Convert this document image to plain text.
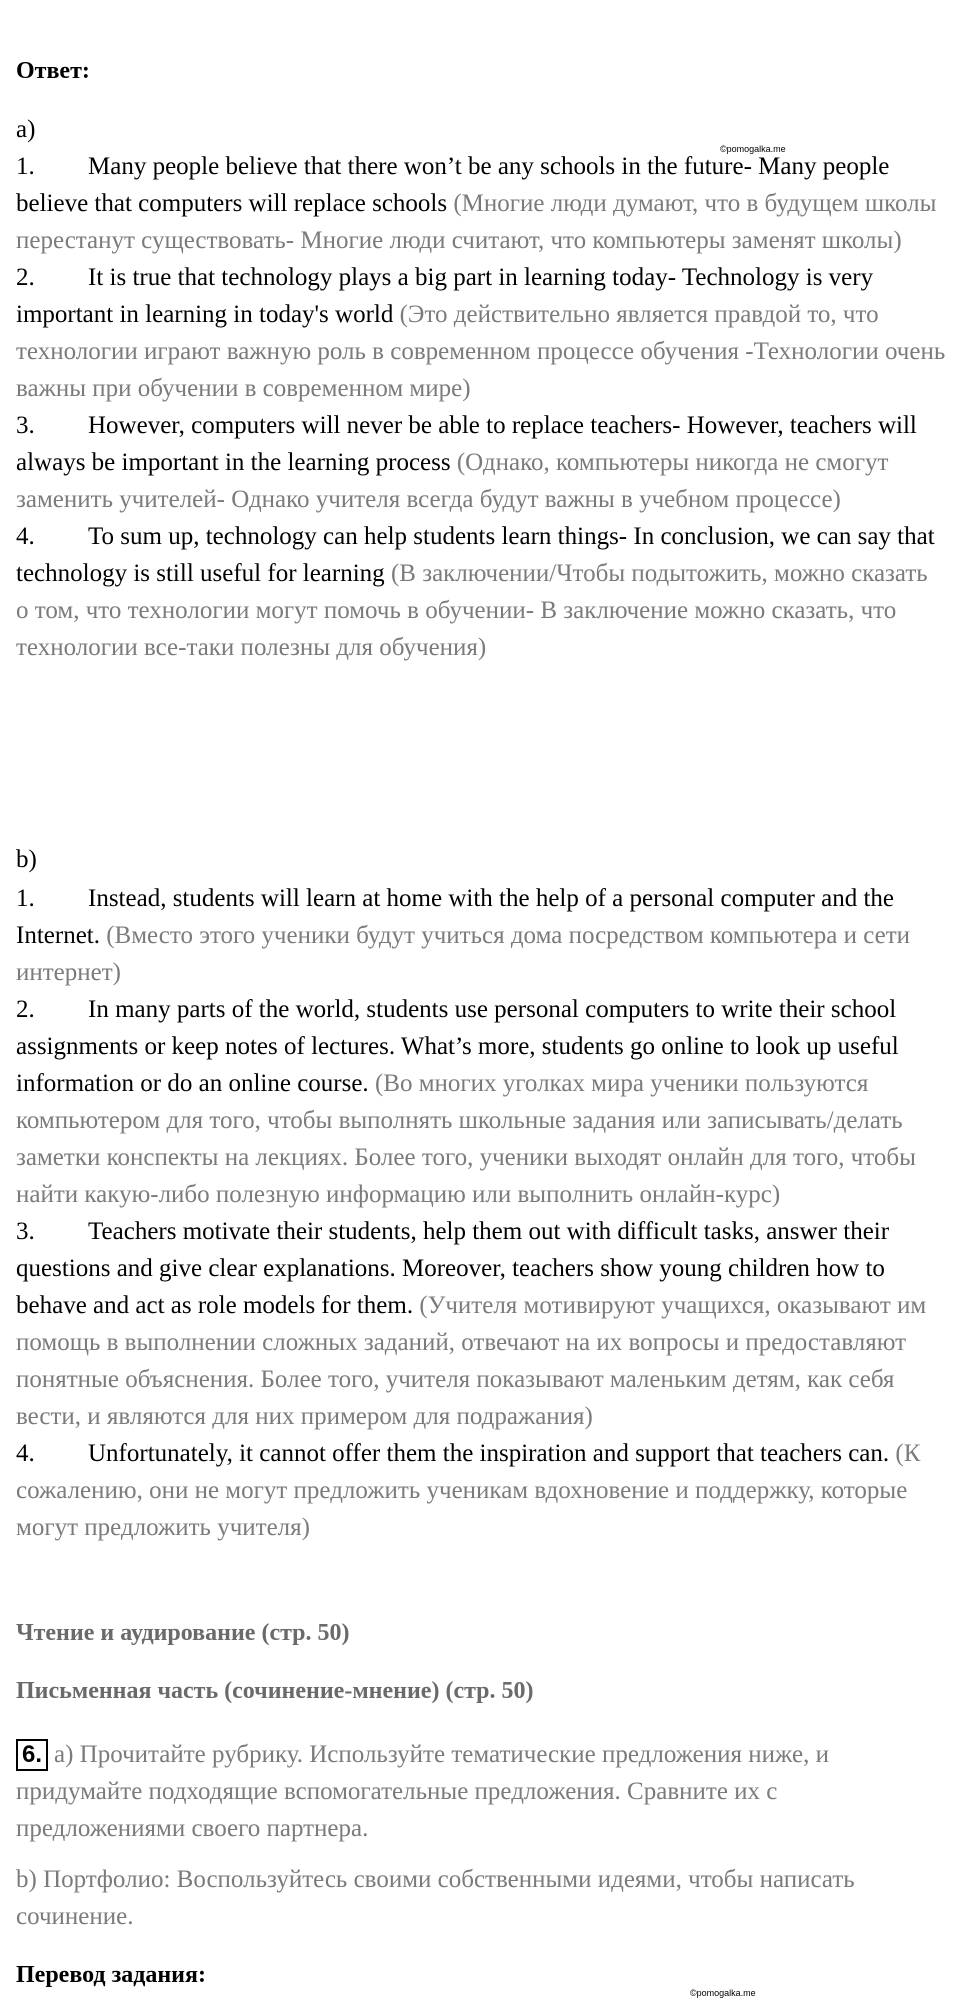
Ответ:
©pomogalka.me
a)
1. Many people believe that there won’t be any schools in the future- Many people believe that computers will replace schools (Многие люди думают, что в будущем школы перестанут существовать- Многие люди считают, что компьютеры заменят школы)
2. It is true that technology plays a big part in learning today- Technology is very important in learning in today's world (Это действительно является правдой то, что технологии играют важную роль в современном процессе обучения -Технологии очень важны при обучении в современном мире)
3. However, computers will never be able to replace teachers- However, teachers will always be important in the learning process (Однако, компьютеры никогда не смогут заменить учителей- Однако учителя всегда будут важны в учебном процессе)
4. To sum up, technology can help students learn things- In conclusion, we can say that technology is still useful for learning (В заключении/Чтобы подытожить, можно сказать о том, что технологии могут помочь в обучении- В заключение можно сказать, что технологии все-таки полезны для обучения)
b)
1. Instead, students will learn at home with the help of a personal computer and the Internet. (Вместо этого ученики будут учиться дома посредством компьютера и сети интернет)
2. In many parts of the world, students use personal computers to write their school assignments or keep notes of lectures. What’s more, students go online to look up useful information or do an online course. (Во многих уголках мира ученики пользуются компьютером для того, чтобы выполнять школьные задания или записывать/делать заметки конспекты на лекциях. Более того, ученики выходят онлайн для того, чтобы найти какую-либо полезную информацию или выполнить онлайн-курс)
3. Teachers motivate their students, help them out with difficult tasks, answer their questions and give clear explanations. Moreover, teachers show young children how to behave and act as role models for them. (Учителя мотивируют учащихся, оказывают им помощь в выполнении сложных заданий, отвечают на их вопросы и предоставляют понятные объяснения. Более того, учителя показывают маленьким детям, как себя вести, и являются для них примером для подражания)
4. Unfortunately, it cannot offer them the inspiration and support that teachers can. (К сожалению, они не могут предложить ученикам вдохновение и поддержку, которые могут предложить учителя)
Чтение и аудирование (стр. 50)
Письменная часть (сочинение-мнение) (стр. 50)
6. a) Прочитайте рубрику. Используйте тематические предложения ниже, и придумайте подходящие вспомогательные предложения. Сравните их с предложениями своего партнера.
b) Портфолио: Воспользуйтесь своими собственными идеями, чтобы написать сочинение.
Перевод задания:
©pomogalka.me
